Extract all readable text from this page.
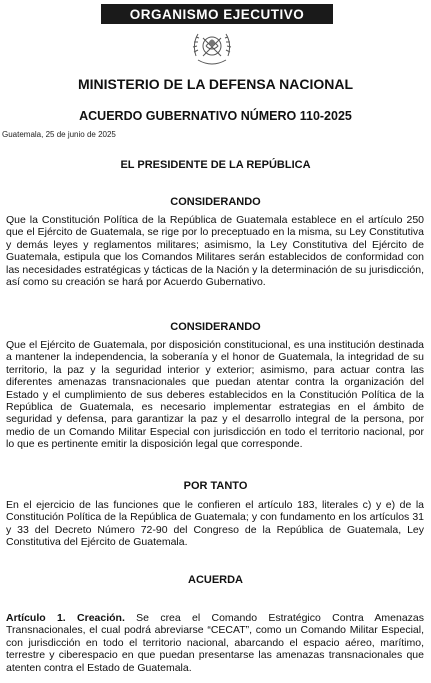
ORGANISMO EJECUTIVO
MINISTERIO DE LA DEFENSA NACIONAL
ACUERDO GUBERNATIVO NÚMERO 110-2025
Guatemala, 25 de junio de 2025
EL PRESIDENTE DE LA REPÚBLICA
CONSIDERANDO
Que la Constitución Política de la República de Guatemala establece en el artículo 250 que el Ejército de Guatemala, se rige por lo preceptuado en la misma, su Ley Constitutiva y demás leyes y reglamentos militares; asimismo, la Ley Constitutiva del Ejército de Guatemala, estipula que los Comandos Militares serán establecidos de conformidad con las necesidades estratégicas y tácticas de la Nación y la determinación de su jurisdicción, así como su creación se hará por Acuerdo Gubernativo.
CONSIDERANDO
Que el Ejército de Guatemala, por disposición constitucional, es una institución destinada a mantener la independencia, la soberanía y el honor de Guatemala, la integridad de su territorio, la paz y la seguridad interior y exterior; asimismo, para actuar contra las diferentes amenazas transnacionales que puedan atentar contra la organización del Estado y el cumplimiento de sus deberes establecidos en la Constitución Política de la República de Guatemala, es necesario implementar estrategias en el ámbito de seguridad y defensa, para garantizar la paz y el desarrollo integral de la persona, por medio de un Comando Militar Especial con jurisdicción en todo el territorio nacional, por lo que es pertinente emitir la disposición legal que corresponde.
POR TANTO
En el ejercicio de las funciones que le confieren el artículo 183, literales c) y e) de la Constitución Política de la República de Guatemala; y con fundamento en los artículos 31 y 33 del Decreto Número 72-90 del Congreso de la República de Guatemala, Ley Constitutiva del Ejército de Guatemala.
ACUERDA
Artículo 1. Creación. Se crea el Comando Estratégico Contra Amenazas Transnacionales, el cual podrá abreviarse “CECAT”, como un Comando Militar Especial, con jurisdicción en todo el territorio nacional, abarcando el espacio aéreo, marítimo, terrestre y ciberespacio en que puedan presentarse las amenazas transnacionales que atenten contra el Estado de Guatemala.
